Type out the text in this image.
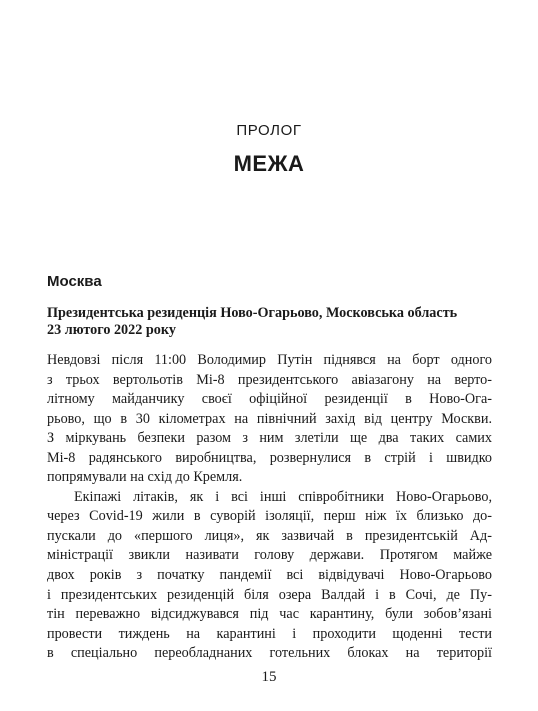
ПРОЛОГ
МЕЖА
Москва
Президентська резиденція Ново-Огарьово, Московська область
23 лютого 2022 року
Невдовзі після 11:00 Володимир Путін піднявся на борт одного
з трьох вертольотів Мі-8 президентського авіазагону на верто-
літному майданчику своєї офіційної резиденції в Ново-Ога-
рьово, що в 30 кілометрах на північний захід від центру Москви.
З міркувань безпеки разом з ним злетіли ще два таких самих
Мі-8 радянського виробництва, розвернулися в стрій і швидко
попрямували на схід до Кремля.
Екіпажі літаків, як і всі інші співробітники Ново-Огарьово,
через Covid-19 жили в суворій ізоляції, перш ніж їх близько до-
пускали до «першого лиця», як зазвичай в президентській Ад-
міністрації звикли називати голову держави. Протягом майже
двох років з початку пандемії всі відвідувачі Ново-Огарьово
і президентських резиденцій біля озера Валдай і в Сочі, де Пу-
тін переважно відсиджувався під час карантину, були зобов’язані
провести тиждень на карантині і проходити щоденні тести
в спеціально переобладнаних готельних блоках на території
15
